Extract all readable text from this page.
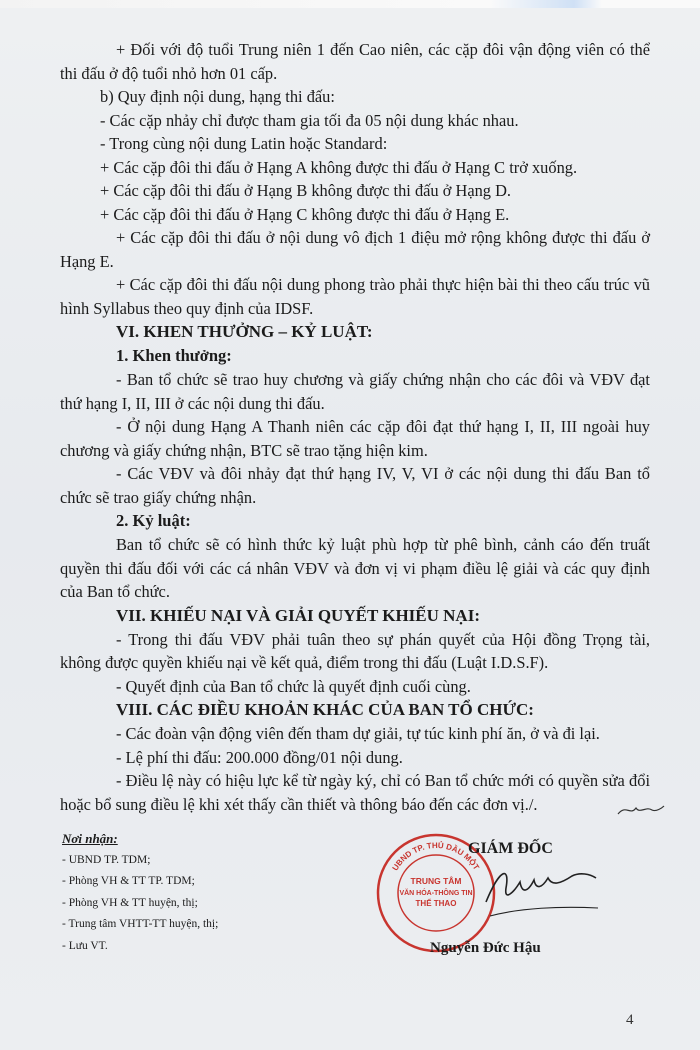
+ Đối với độ tuổi Trung niên 1 đến Cao niên, các cặp đôi vận động viên có thể thi đấu ở độ tuổi nhỏ hơn 01 cấp.
b) Quy định nội dung, hạng thi đấu:
- Các cặp nhảy chỉ được tham gia tối đa 05 nội dung khác nhau.
- Trong cùng nội dung Latin hoặc Standard:
+ Các cặp đôi thi đấu ở Hạng A không được thi đấu ở Hạng C trở xuống.
+ Các cặp đôi thi đấu ở Hạng B không được thi đấu ở Hạng D.
+ Các cặp đôi thi đấu ở Hạng C không được thi đấu ở Hạng E.
+ Các cặp đôi thi đấu ở nội dung vô địch 1 điệu mở rộng không được thi đấu ở Hạng E.
+ Các cặp đôi thi đấu nội dung phong trào phải thực hiện bài thi theo cấu trúc vũ hình Syllabus theo quy định của IDSF.
VI. KHEN THƯỞNG – KỶ LUẬT:
1. Khen thưởng:
- Ban tổ chức sẽ trao huy chương và giấy chứng nhận cho các đôi và VĐV đạt thứ hạng I, II, III ở các nội dung thi đấu.
- Ở nội dung Hạng A Thanh niên các cặp đôi đạt thứ hạng I, II, III ngoài huy chương và giấy chứng nhận, BTC sẽ trao tặng hiện kim.
- Các VĐV và đôi nhảy đạt thứ hạng IV, V, VI ở các nội dung thi đấu Ban tổ chức sẽ trao giấy chứng nhận.
2. Kỷ luật:
Ban tổ chức sẽ có hình thức kỷ luật phù hợp từ phê bình, cảnh cáo đến truất quyền thi đấu đối với các cá nhân VĐV và đơn vị vi phạm điều lệ giải và các quy định của Ban tổ chức.
VII. KHIẾU NẠI VÀ GIẢI QUYẾT KHIẾU NẠI:
- Trong thi đấu VĐV phải tuân theo sự phán quyết của Hội đồng Trọng tài, không được quyền khiếu nại về kết quả, điểm trong thi đấu (Luật I.D.S.F).
- Quyết định của Ban tổ chức là quyết định cuối cùng.
VIII. CÁC ĐIỀU KHOẢN KHÁC CỦA BAN TỔ CHỨC:
- Các đoàn vận động viên đến tham dự giải, tự túc kinh phí ăn, ở và đi lại.
- Lệ phí thi đấu: 200.000 đồng/01 nội dung.
- Điều lệ này có hiệu lực kể từ ngày ký, chỉ có Ban tổ chức mới có quyền sửa đổi hoặc bổ sung điều lệ khi xét thấy cần thiết và thông báo đến các đơn vị./.
Nơi nhận:
- UBND TP. TDM;
- Phòng VH & TT TP. TDM;
- Phòng VH & TT huyện, thị;
- Trung tâm VHTT-TT huyện, thị;
- Lưu VT.
UBND TP. THỦ DẦU MỘT
TRUNG TÂM
VĂN HÓA-THÔNG TIN
THỂ THAO
GIÁM ĐỐC
Nguyễn Đức Hậu
4
